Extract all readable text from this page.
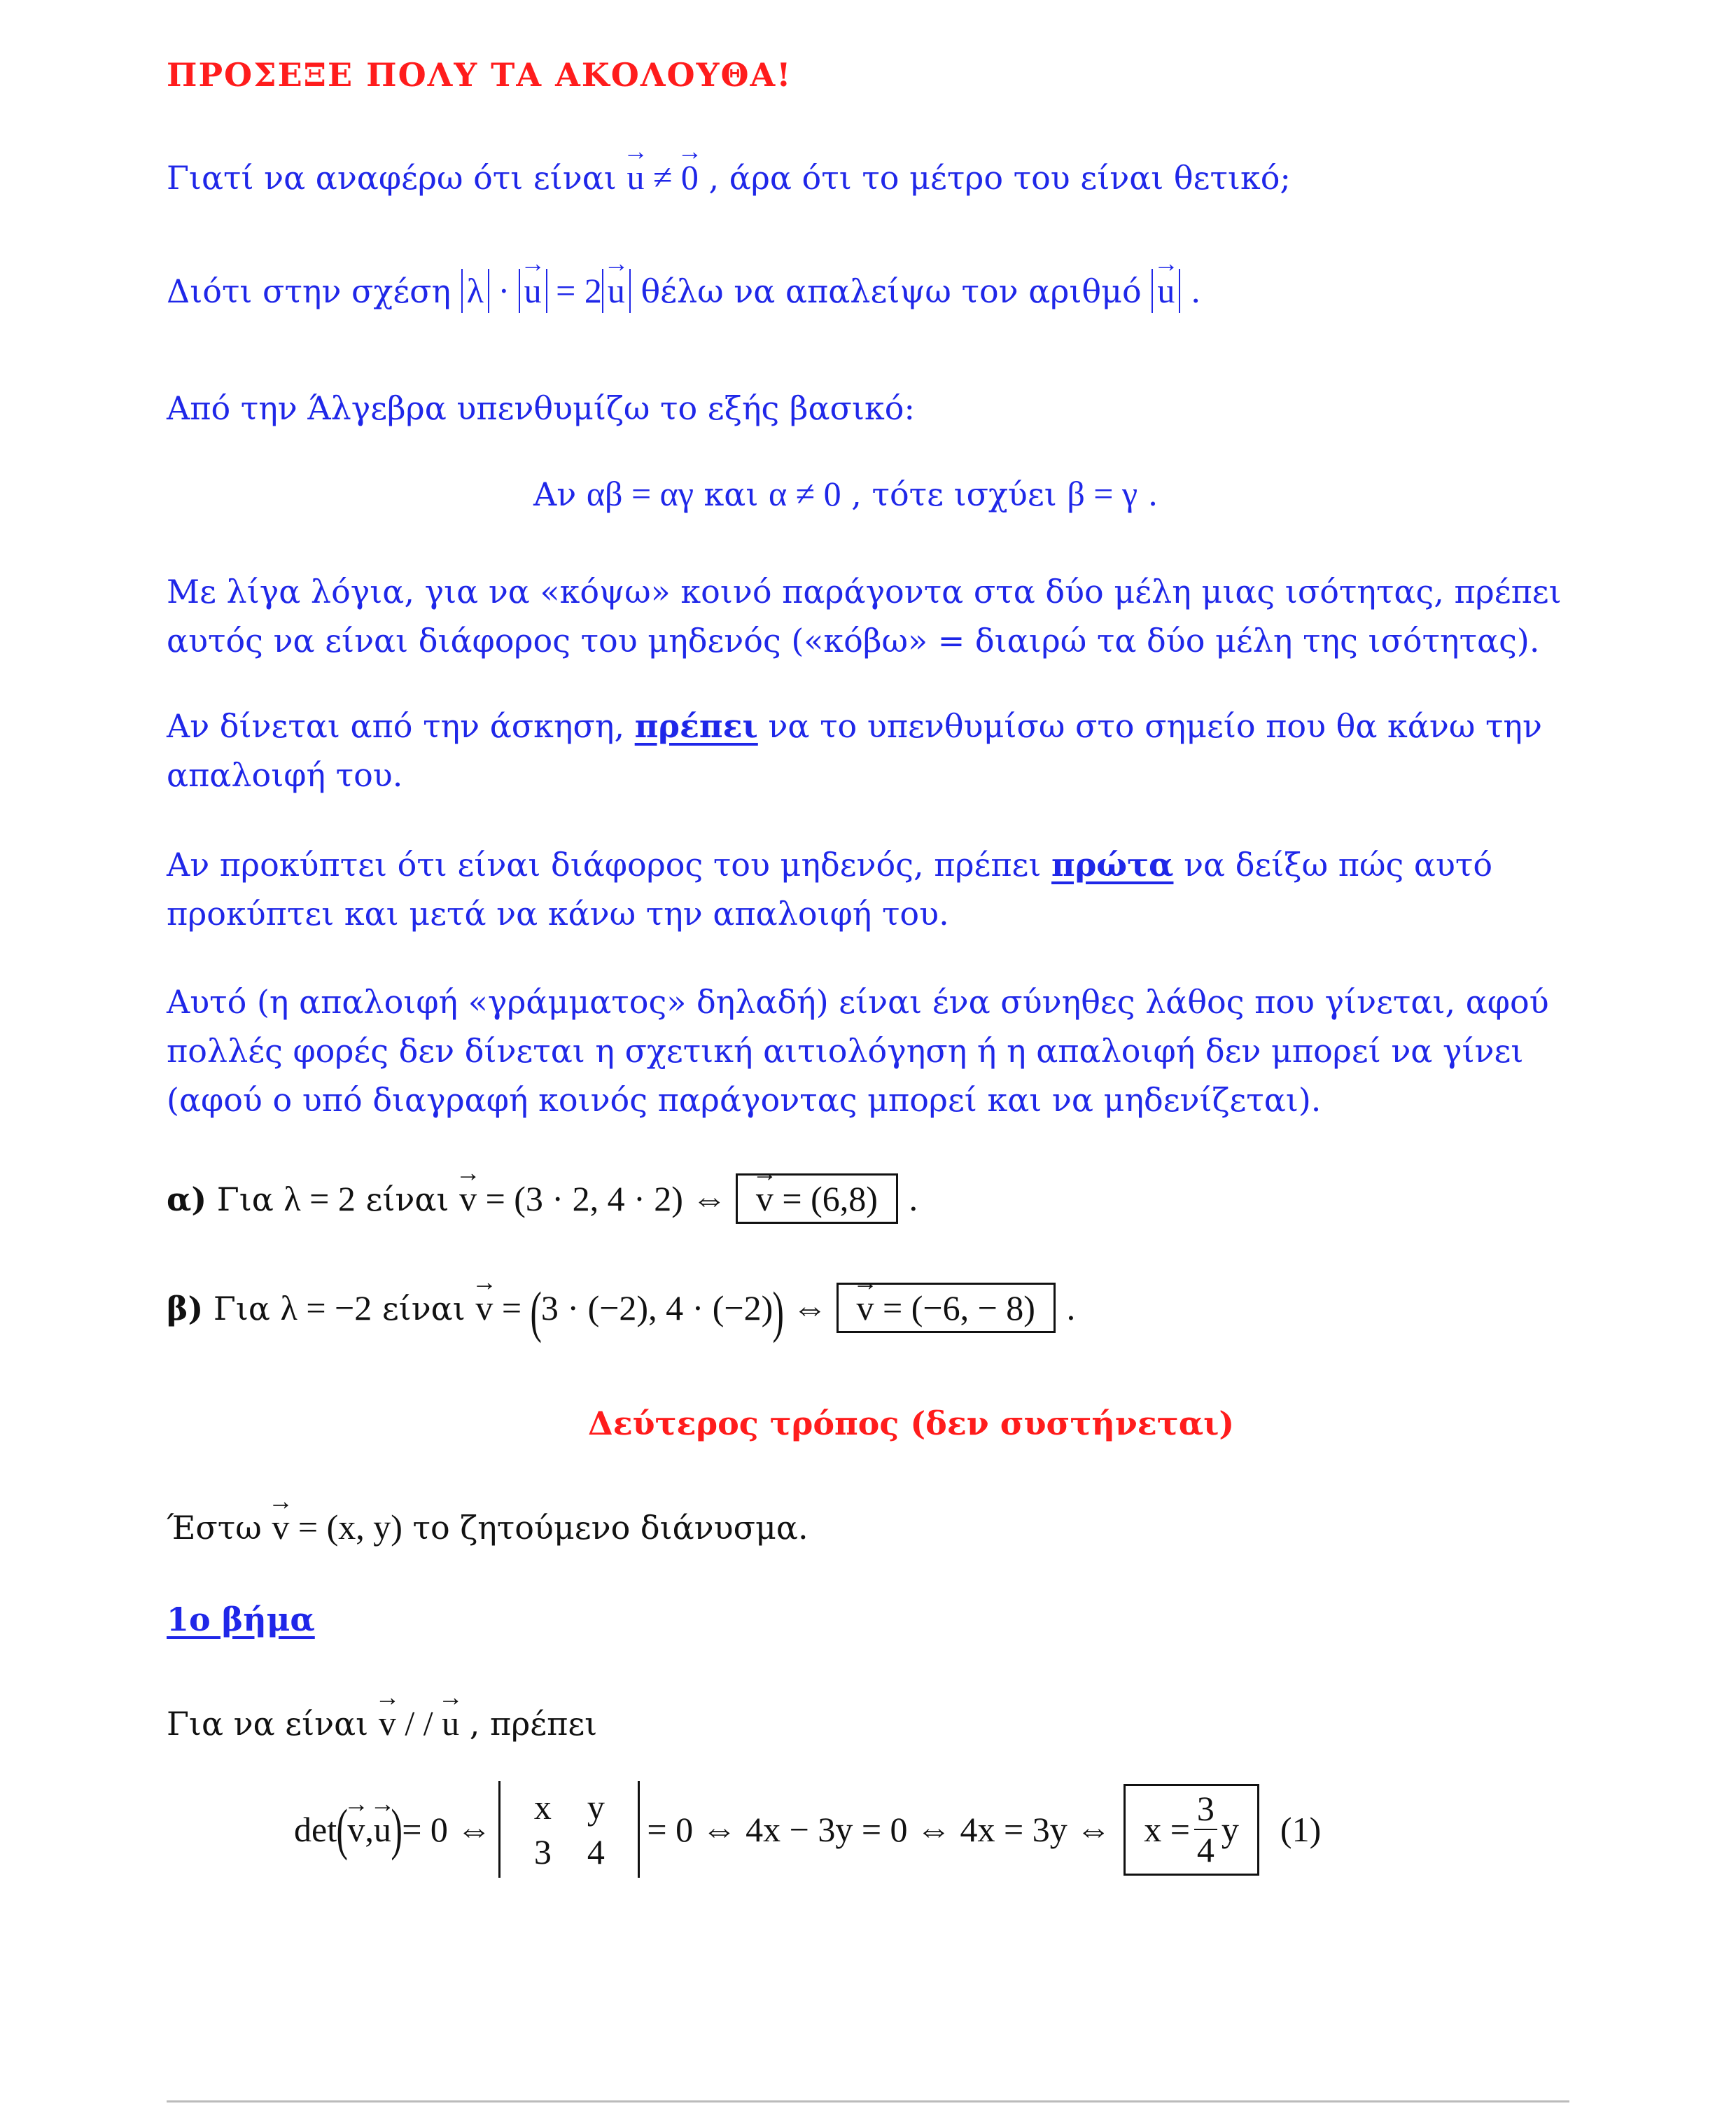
ΠΡΟΣΕΞΕ ΠΟΛΥ ΤΑ ΑΚΟΛΟΥΘΑ!
Γιατί να αναφέρω ότι είναι → u ≠ → 0 , άρα ότι το μέτρο του είναι θετικό;
Διότι στην σχέση λ · → u = 2 → u θέλω να απαλείψω τον αριθμό → u .
Από την Άλγεβρα υπενθυμίζω το εξής βασικό:
Αν αβ = αγ και α ≠ 0 , τότε ισχύει β = γ .

Με λίγα λόγια, για να «κόψω» κοινό παράγοντα στα δύο μέλη μιας ισότητας, πρέπει αυτός να είναι διάφορος του μηδενός («κόβω» = διαιρώ τα δύο μέλη της ισότητας).

Αν δίνεται από την άσκηση, πρέπει να το υπενθυμίσω στο σημείο που θα κάνω την απαλοιφή του.

Αν προκύπτει ότι είναι διάφορος του μηδενός, πρέπει πρώτα να δείξω πώς αυτό προκύπτει και μετά να κάνω την απαλοιφή του.

Αυτό (η απαλοιφή «γράμματος» δηλαδή) είναι ένα σύνηθες λάθος που γίνεται, αφού πολλές φορές δεν δίνεται η σχετική αιτιολόγηση ή η απαλοιφή δεν μπορεί να γίνει (αφού ο υπό διαγραφή κοινός παράγοντας μπορεί και να μηδενίζεται).

α) Για λ = 2 είναι → v = (3 · 2, 4 · 2) ⇔ → v = (6,8) .
β) Για λ = −2 είναι → v = (3 · (−2), 4 · (−2)) ⇔ → v = (−6, − 8) .
Δεύτερος τρόπος (δεν συστήνεται)
Έστω → v = (x, y) το ζητούμενο διάνυσμα.
1ο βήμα
Για να είναι → v / / → u , πρέπει
det ( → v , → u ) = 0 ⇔
x	y
3	4
= 0 ⇔ 4x − 3y = 0 ⇔ 4x = 3y ⇔ $x = \frac{3}{4}$ y (1)
